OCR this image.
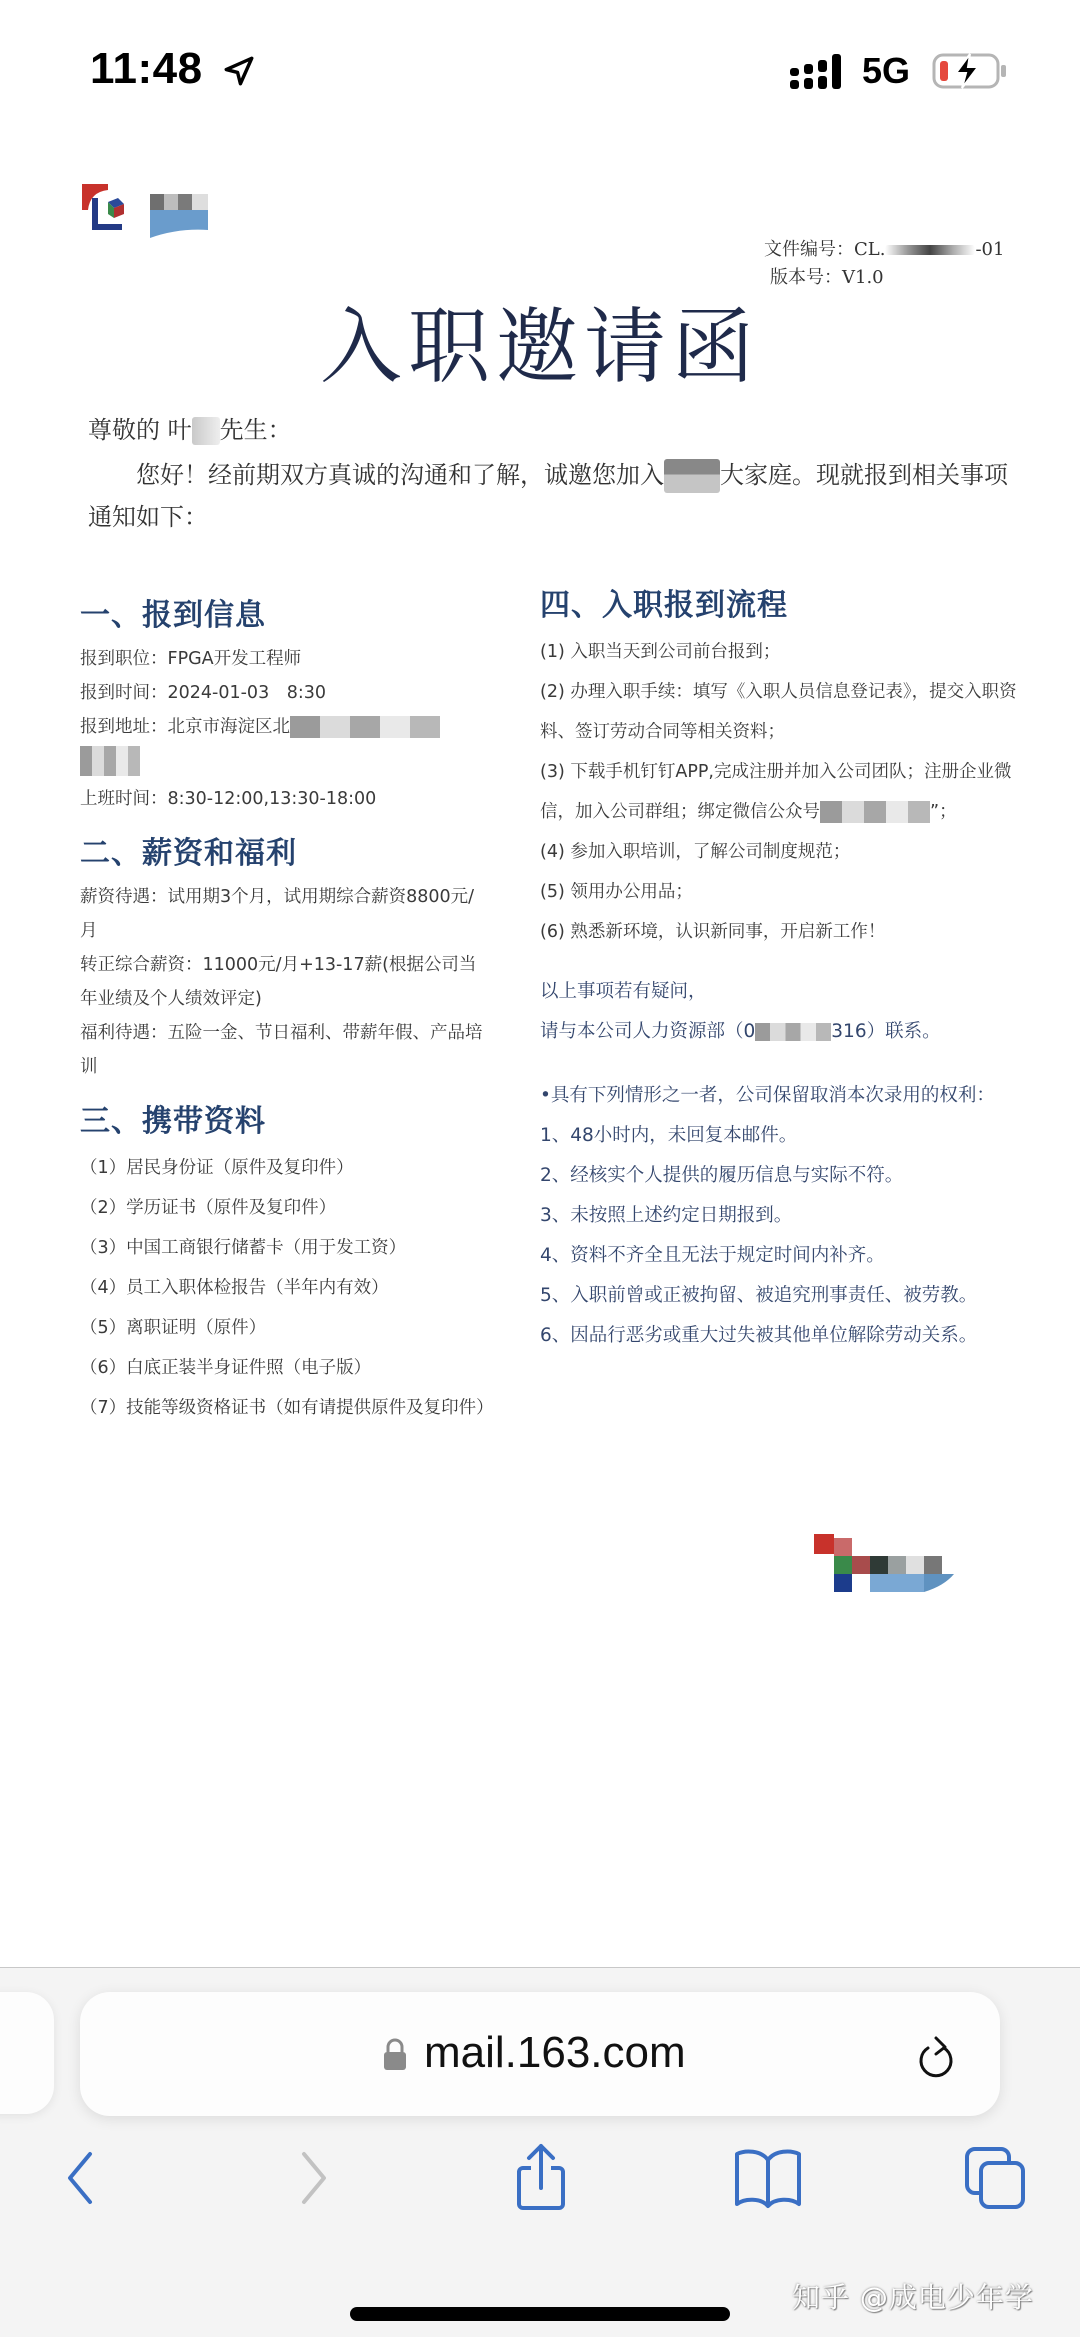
11:48	5G
文件编号：CL.	-01
版本号：V1.0
入职邀请函
尊敬的 叶 先生：
您好！经前期双方真诚的沟通和了解，诚邀您加入 大家庭。现就报到相关事项通知如下：
一、报到信息
报到职位：FPGA开发工程师
报到时间：2024-01-03　8:30
报到地址：北京市海淀区北
上班时间：8:30-12:00,13:30-18:00
二、薪资和福利
薪资待遇：试用期3个月，试用期综合薪资8800元/月
转正综合薪资：11000元/月+13-17薪(根据公司当年业绩及个人绩效评定)
福利待遇：五险一金、节日福利、带薪年假、产品培训
三、携带资料
（1）居民身份证（原件及复印件）
（2）学历证书（原件及复印件）
（3）中国工商银行储蓄卡（用于发工资）
（4）员工入职体检报告（半年内有效）
（5）离职证明（原件）
（6）白底正装半身证件照（电子版）
（7）技能等级资格证书（如有请提供原件及复印件）
四、入职报到流程
(1) 入职当天到公司前台报到；
(2) 办理入职手续：填写《入职人员信息登记表》，提交入职资料、签订劳动合同等相关资料；
(3) 下载手机钉钉APP,完成注册并加入公司团队；注册企业微信，加入公司群组；绑定微信公众号	”；
(4) 参加入职培训，了解公司制度规范；
(5) 领用办公用品；
(6) 熟悉新环境，认识新同事，开启新工作！
以上事项若有疑问，
请与本公司人力资源部（0	316）联系。
•具有下列情形之一者，公司保留取消本次录用的权利：
1、48小时内，未回复本邮件。
2、经核实个人提供的履历信息与实际不符。
3、未按照上述约定日期报到。
4、资料不齐全且无法于规定时间内补齐。
5、入职前曾或正被拘留、被追究刑事责任、被劳教。
6、因品行恶劣或重大过失被其他单位解除劳动关系。
mail.163.com
知乎 @成电少年学
